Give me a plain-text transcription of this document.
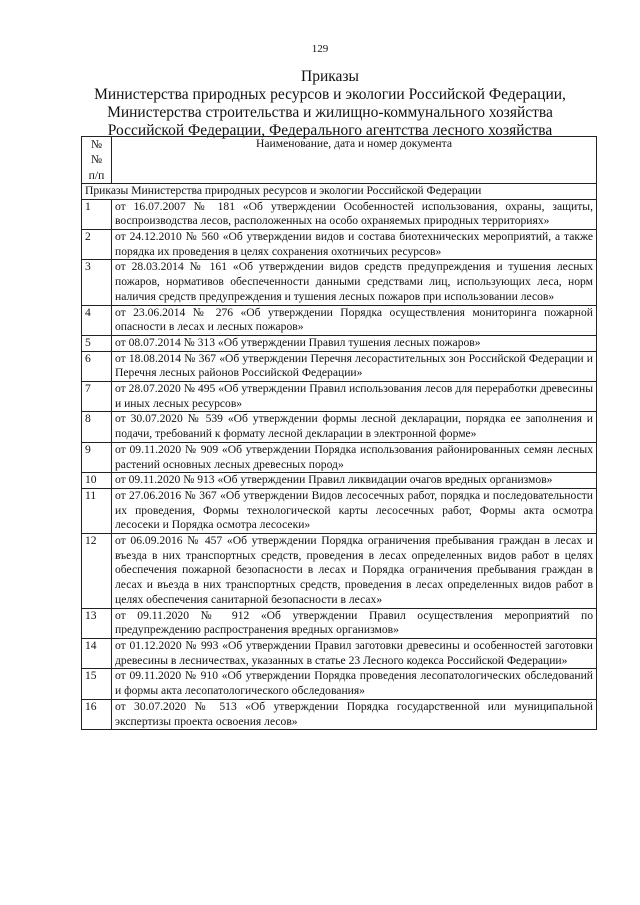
129
Приказы
Министерства природных ресурсов и экологии Российской Федерации,
Министерства строительства и жилищно-коммунального хозяйства
Российской Федерации, Федерального агентства лесного хозяйства
№
№
п/п	Наименование, дата и номер документа
Приказы Министерства природных ресурсов и экологии Российской Федерации	
1	от 16.07.2007 № 181 «Об утверждении Особенностей использования, охраны, защиты, воспроизводства лесов, расположенных на особо охраняемых природных территориях»
2	от 24.12.2010 № 560 «Об утверждении видов и состава биотехнических мероприятий, а также порядка их проведения в целях сохранения охотничьих ресурсов»
3	от 28.03.2014 № 161 «Об утверждении видов средств предупреждения и тушения лесных пожаров, нормативов обеспеченности данными средствами лиц, использующих леса, норм наличия средств предупреждения и тушения лесных пожаров при использовании лесов»
4	от 23.06.2014 № 276 «Об утверждении Порядка осуществления мониторинга пожарной опасности в лесах и лесных пожаров»
5	от 08.07.2014 № 313 «Об утверждении Правил тушения лесных пожаров»
6	от 18.08.2014 № 367 «Об утверждении Перечня лесорастительных зон Российской Федерации и Перечня лесных районов Российской Федерации»
7	от 28.07.2020 № 495 «Об утверждении Правил использования лесов для переработки древесины и иных лесных ресурсов»
8	от 30.07.2020 № 539 «Об утверждении формы лесной декларации, порядка ее заполнения и подачи, требований к формату лесной декларации в электронной форме»
9	от 09.11.2020 № 909 «Об утверждении Порядка использования районированных семян лесных растений основных лесных древесных пород»
10	от 09.11.2020 № 913 «Об утверждении Правил ликвидации очагов вредных организмов»
11	от 27.06.2016 № 367 «Об утверждении Видов лесосечных работ, порядка и последовательности их проведения, Формы технологической карты лесосечных работ, Формы акта осмотра лесосеки и Порядка осмотра лесосеки»
12	от 06.09.2016 № 457 «Об утверждении Порядка ограничения пребывания граждан в лесах и въезда в них транспортных средств, проведения в лесах определенных видов работ в целях обеспечения пожарной безопасности в лесах и Порядка ограничения пребывания граждан в лесах и въезда в них транспортных средств, проведения в лесах определенных видов работ в целях обеспечения санитарной безопасности в лесах»
13	от 09.11.2020 № 912 «Об утверждении Правил осуществления мероприятий по предупреждению распространения вредных организмов»
14	от 01.12.2020 № 993 «Об утверждении Правил заготовки древесины и особенностей заготовки древесины в лесничествах, указанных в статье 23 Лесного кодекса Российской Федерации»
15	от 09.11.2020 № 910 «Об утверждении Порядка проведения лесопатологических обследований и формы акта лесопатологического обследования»
16	от 30.07.2020 № 513 «Об утверждении Порядка государственной или муниципальной экспертизы проекта освоения лесов»
